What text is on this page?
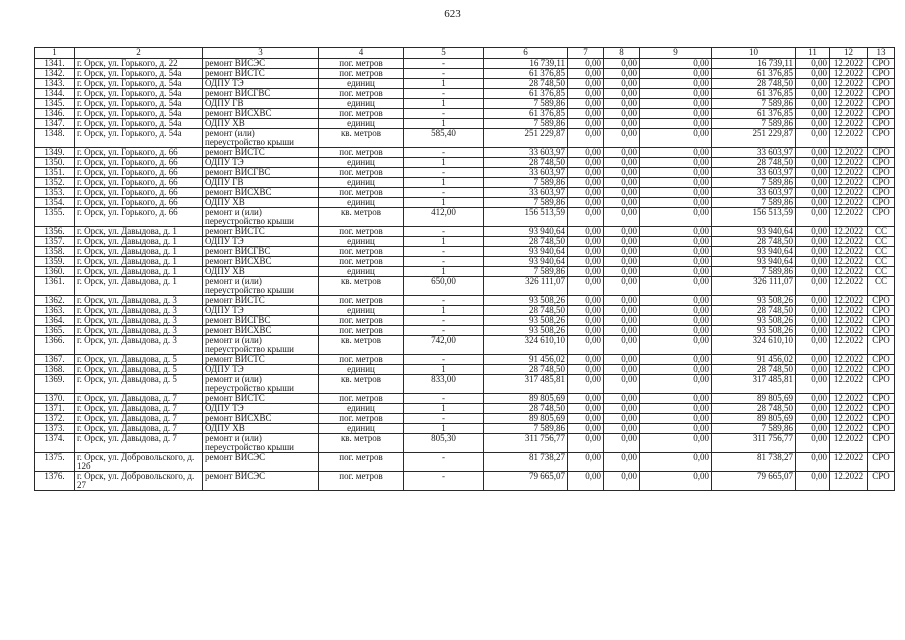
623
1	2	3	4	5	6	7	8	9	10	11	12	13
1341.	г. Орск, ул. Горького, д. 22	ремонт ВИСЭС	пог. метров	-	16 739,11	0,00	0,00	0,00	16 739,11	0,00	12.2022	СРО
1342.	г. Орск, ул. Горького, д. 54а	ремонт ВИСТС	пог. метров	-	61 376,85	0,00	0,00	0,00	61 376,85	0,00	12.2022	СРО
1343.	г. Орск, ул. Горького, д. 54а	ОДПУ ТЭ	единиц	1	28 748,50	0,00	0,00	0,00	28 748,50	0,00	12.2022	СРО
1344.	г. Орск, ул. Горького, д. 54а	ремонт ВИСГВС	пог. метров	-	61 376,85	0,00	0,00	0,00	61 376,85	0,00	12.2022	СРО
1345.	г. Орск, ул. Горького, д. 54а	ОДПУ ГВ	единиц	1	7 589,86	0,00	0,00	0,00	7 589,86	0,00	12.2022	СРО
1346.	г. Орск, ул. Горького, д. 54а	ремонт ВИСХВС	пог. метров	-	61 376,85	0,00	0,00	0,00	61 376,85	0,00	12.2022	СРО
1347.	г. Орск, ул. Горького, д. 54а	ОДПУ ХВ	единиц	1	7 589,86	0,00	0,00	0,00	7 589,86	0,00	12.2022	СРО
1348.	г. Орск, ул. Горького, д. 54а	ремонт (или) переустройство крыши	кв. метров	585,40	251 229,87	0,00	0,00	0,00	251 229,87	0,00	12.2022	СРО
1349.	г. Орск, ул. Горького, д. 66	ремонт ВИСТС	пог. метров	-	33 603,97	0,00	0,00	0,00	33 603,97	0,00	12.2022	СРО
1350.	г. Орск, ул. Горького, д. 66	ОДПУ ТЭ	единиц	1	28 748,50	0,00	0,00	0,00	28 748,50	0,00	12.2022	СРО
1351.	г. Орск, ул. Горького, д. 66	ремонт ВИСГВС	пог. метров	-	33 603,97	0,00	0,00	0,00	33 603,97	0,00	12.2022	СРО
1352.	г. Орск, ул. Горького, д. 66	ОДПУ ГВ	единиц	1	7 589,86	0,00	0,00	0,00	7 589,86	0,00	12.2022	СРО
1353.	г. Орск, ул. Горького, д. 66	ремонт ВИСХВС	пог. метров	-	33 603,97	0,00	0,00	0,00	33 603,97	0,00	12.2022	СРО
1354.	г. Орск, ул. Горького, д. 66	ОДПУ ХВ	единиц	1	7 589,86	0,00	0,00	0,00	7 589,86	0,00	12.2022	СРО
1355.	г. Орск, ул. Горького, д. 66	ремонт и (или) переустройство крыши	кв. метров	412,00	156 513,59	0,00	0,00	0,00	156 513,59	0,00	12.2022	СРО
1356.	г. Орск, ул. Давыдова, д. 1	ремонт ВИСТС	пог. метров	-	93 940,64	0,00	0,00	0,00	93 940,64	0,00	12.2022	СС
1357.	г. Орск, ул. Давыдова, д. 1	ОДПУ ТЭ	единиц	1	28 748,50	0,00	0,00	0,00	28 748,50	0,00	12.2022	СС
1358.	г. Орск, ул. Давыдова, д. 1	ремонт ВИСГВС	пог. метров	-	93 940,64	0,00	0,00	0,00	93 940,64	0,00	12.2022	СС
1359.	г. Орск, ул. Давыдова, д. 1	ремонт ВИСХВС	пог. метров	-	93 940,64	0,00	0,00	0,00	93 940,64	0,00	12.2022	СС
1360.	г. Орск, ул. Давыдова, д. 1	ОДПУ ХВ	единиц	1	7 589,86	0,00	0,00	0,00	7 589,86	0,00	12.2022	СС
1361.	г. Орск, ул. Давыдова, д. 1	ремонт и (или) переустройство крыши	кв. метров	650,00	326 111,07	0,00	0,00	0,00	326 111,07	0,00	12.2022	СС
1362.	г. Орск, ул. Давыдова, д. 3	ремонт ВИСТС	пог. метров	-	93 508,26	0,00	0,00	0,00	93 508,26	0,00	12.2022	СРО
1363.	г. Орск, ул. Давыдова, д. 3	ОДПУ ТЭ	единиц	1	28 748,50	0,00	0,00	0,00	28 748,50	0,00	12.2022	СРО
1364.	г. Орск, ул. Давыдова, д. 3	ремонт ВИСГВС	пог. метров	-	93 508,26	0,00	0,00	0,00	93 508,26	0,00	12.2022	СРО
1365.	г. Орск, ул. Давыдова, д. 3	ремонт ВИСХВС	пог. метров	-	93 508,26	0,00	0,00	0,00	93 508,26	0,00	12.2022	СРО
1366.	г. Орск, ул. Давыдова, д. 3	ремонт и (или) переустройство крыши	кв. метров	742,00	324 610,10	0,00	0,00	0,00	324 610,10	0,00	12.2022	СРО
1367.	г. Орск, ул. Давыдова, д. 5	ремонт ВИСТС	пог. метров	-	91 456,02	0,00	0,00	0,00	91 456,02	0,00	12.2022	СРО
1368.	г. Орск, ул. Давыдова, д. 5	ОДПУ ТЭ	единиц	1	28 748,50	0,00	0,00	0,00	28 748,50	0,00	12.2022	СРО
1369.	г. Орск, ул. Давыдова, д. 5	ремонт и (или) переустройство крыши	кв. метров	833,00	317 485,81	0,00	0,00	0,00	317 485,81	0,00	12.2022	СРО
1370.	г. Орск, ул. Давыдова, д. 7	ремонт ВИСТС	пог. метров	-	89 805,69	0,00	0,00	0,00	89 805,69	0,00	12.2022	СРО
1371.	г. Орск, ул. Давыдова, д. 7	ОДПУ ТЭ	единиц	1	28 748,50	0,00	0,00	0,00	28 748,50	0,00	12.2022	СРО
1372.	г. Орск, ул. Давыдова, д. 7	ремонт ВИСХВС	пог. метров	-	89 805,69	0,00	0,00	0,00	89 805,69	0,00	12.2022	СРО
1373.	г. Орск, ул. Давыдова, д. 7	ОДПУ ХВ	единиц	1	7 589,86	0,00	0,00	0,00	7 589,86	0,00	12.2022	СРО
1374.	г. Орск, ул. Давыдова, д. 7	ремонт и (или) переустройство крыши	кв. метров	805,30	311 756,77	0,00	0,00	0,00	311 756,77	0,00	12.2022	СРО
1375.	г. Орск, ул. Добровольского, д. 12б	ремонт ВИСЭС	пог. метров	-	81 738,27	0,00	0,00	0,00	81 738,27	0,00	12.2022	СРО
1376.	г. Орск, ул. Добровольского, д. 27	ремонт ВИСЭС	пог. метров	-	79 665,07	0,00	0,00	0,00	79 665,07	0,00	12.2022	СРО
